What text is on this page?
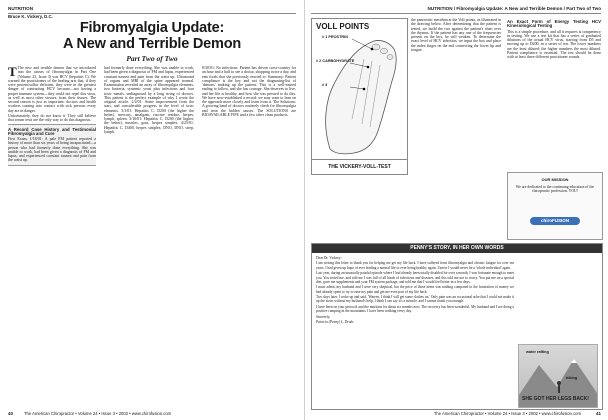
NUTRITION
Bruce K. Vickery, D.C.
Fibromyalgia Update:
A New and Terrible Demon
Part Two of Two

T The new and terrible demon that we introduced into the causes of fibromyalgia in Part One (Volume 23, Issue 3) was HCV (hepatitis C). We warned the practitioners of the healing arts that, if they were protein/sulfur deficient, they were in the greatest danger of contracting HCV because—not having a proper immune system—they could not repel this virus, as well as most other viruses, from their tissues. The second reason is just as important: doctors and health workers coming into contact with sick persons every day are in danger.

Unfortunately, they do not know it. They still believe that serum tests are the only way to do this diagnosis.

A Record Case History and Testimonial Fibromyalgia and Cure

First Exam, 1/18/01: A pale FM patient reported a history of more than six years of being incapacitated—a person who had formerly done everything. She was unable to work, had been given a diagnosis of FM and lupus, and experienced constant nausea and pain from the waist up.

had formerly done everything. She was unable to work, had been given a diagnosis of FM and lupus, experienced constant nausea and pain from the waist up. Ultrasound of organs and MRI of the spine appeared normal. Examination revealed an array of fibromyalgia elements, two bacteria, systemic yeast plus infections and four toxic metals, undiagnosed by a long string of doctors. This patient is the perfect example of why I wrote the original article. 2/2/01: Some improvement from the start, and considerable progress in the level of toxic elements. 3/1/01: Hepatitis C, D200 (the higher the better), mercury, amalgam, vaccine residue, herpes, lymph, spleen. 3/16/01: Hepatitis C, D200 (the higher, the better), measles, gout, herpes simplex. 4/25/01: Hepatitis C, D400, herpes simplex, DNO, DNO, strep, lymph.

8/30/01: No infections. Patient has driven cross-country for an hour and a half to see a doctor, shopping twice a day, and eats foods that she previously reacted to. Summary: Patient compliance is the key and not the diagnosing-list of 'demons' making up the patient. This is a well-earned ending to follow, and she has courage. She deserves to live, and her life is healthy, and how she was pressed to do this. We have now-established a record: we may want to lean on the approach more closely and learn from it. The Solutions: A growing band of doctors routinely check for fibromyalgia and treat the hidden causes. The SOLUTIONS are BIOAVAILABLE FIFE and a few other clean products.

40	The American Chiropractor • Volume 24 • Issue 3 • 2002 • www.chirofusion.com
NUTRITION / Fibromyalgia Update: A New and Terrible Demon / Part Two of Two
VOLL POINTS
# 1 PROSTRIN
# 2 CARBOHYDRATE
# 3
THE VICKERY-VOLL-TEST

the pancreatic meridian at the Voll points, as illustrated in the drawing below. After determining that the patient is tested, we build the two against the patient's chart over the thymus. If the patient has any one of the frequencies present on the box, he will weaken. To determine the exact level of HCV infection, we input the box and place the index finger on the end connecting the lower lip and tongue.

An Exact Form of Energy Testing HCV Kinesiological Testing

This is a simple procedure, and all it requires is competency in testing. We use a test kit that has a series of graduated dilutions of the actual HCV virus, starting from D5 and moving up to D200, in a series of ten. The lower numbers are the least diluted; the higher numbers the most diluted. Patient compliance is essential. The test should be done with at least three different practitioner rounds.

OUR MISSION
We are dedicated to the continuing education of the chiropractic profession. YOU!
chiroFUSION
PENNY'S STORY, IN HER OWN WORDS

Dear Dr. Vickery:

I am writing this letter to thank you for helping me get my life back. I have suffered from fibromyalgia and chronic fatigue for over ten years. I had given up hope of ever leading a normal life or ever being healthy again. I knew I would never be a 'whole individual' again.

Last year, during an unusually painful episode where I had already been totally disabled for over a month, I was fortunate enough to meet you. You tested me, and told me I was full of all kinds of infections and diseases, and this told me not to worry. You put me on a special diet, gave me supplements and your FM system package, and told me that I would feel better in a few days.

I must admit, my husband and I were very skeptical, but the price of those items was nothing compared to the frustration of money we had already spent to try to ease my pain and get me even part of my life back.

Two days later, I woke up and said, 'Warren, I think I will get some clothes on.' Only pain was an occasional ache that I could not make it up the stairs without my husband's help. I think I can say it's a miracle, and I cannot thank you enough.

I have been on your protocol and the nutrition for about six months now. The recovery has been wonderful. My husband and I are doing a positive camping in the mountains. I have been walking every day.

Sincerely,

Patricia (Penny) L. Drake

water rafting
hiking
SHE GOT HER LEGS BACK!
41
The American Chiropractor • Volume 24 • Issue 3 • 2002 • www.chirofusion.com
